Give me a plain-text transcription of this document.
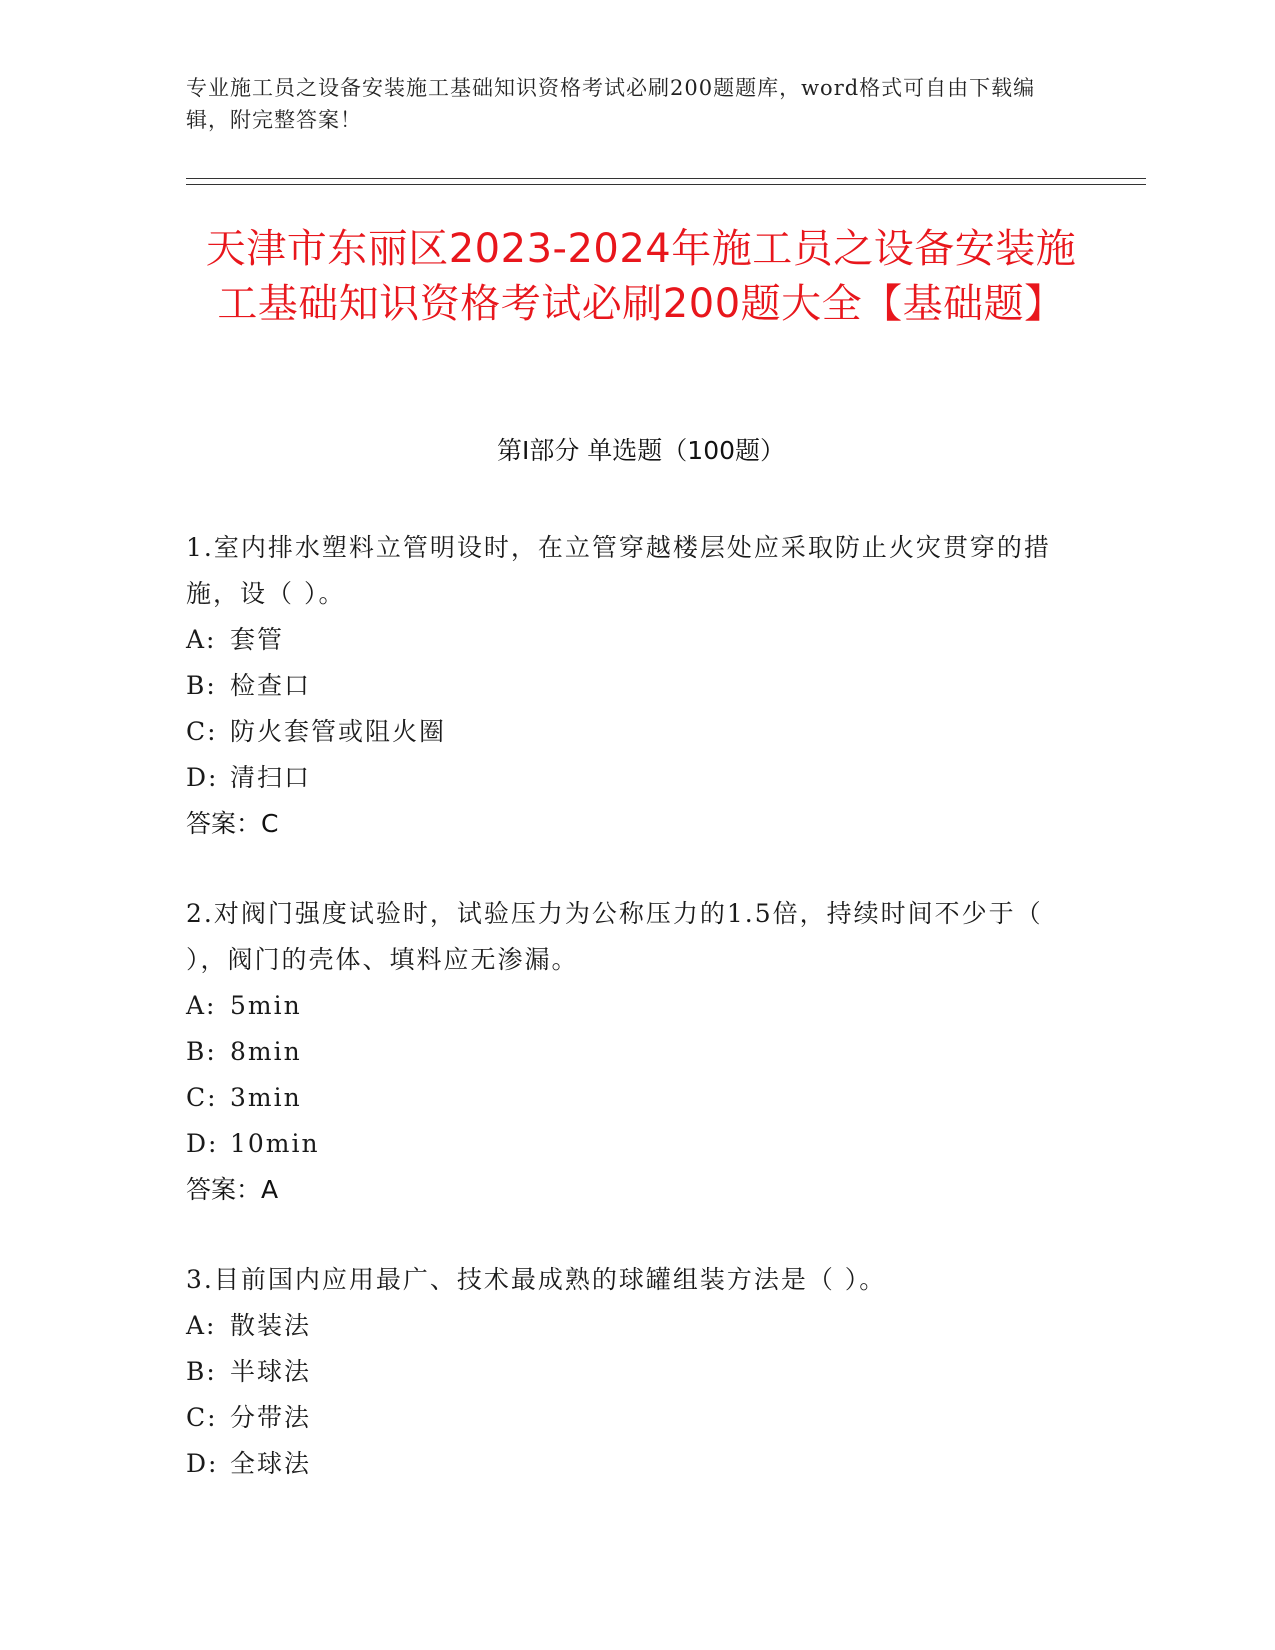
专业施工员之设备安装施工基础知识资格考试必刷200题题库，word格式可自由下载编辑，附完整答案！
天津市东丽区2023-2024年施工员之设备安装施工基础知识资格考试必刷200题大全【基础题】
第Ⅰ部分 单选题（100题）

1.室内排水塑料立管明设时，在立管穿越楼层处应采取防止火灾贯穿的措施，设（ ）。

A: 套管

B: 检查口

C: 防火套管或阻火圈

D: 清扫口

答案：C

2.对阀门强度试验时，试验压力为公称压力的1.5倍，持续时间不少于（ ），阀门的壳体、填料应无渗漏。

A: 5min

B: 8min

C: 3min

D: 10min

答案：A

3.目前国内应用最广、技术最成熟的球罐组装方法是（ ）。

A: 散装法

B: 半球法

C: 分带法

D: 全球法
